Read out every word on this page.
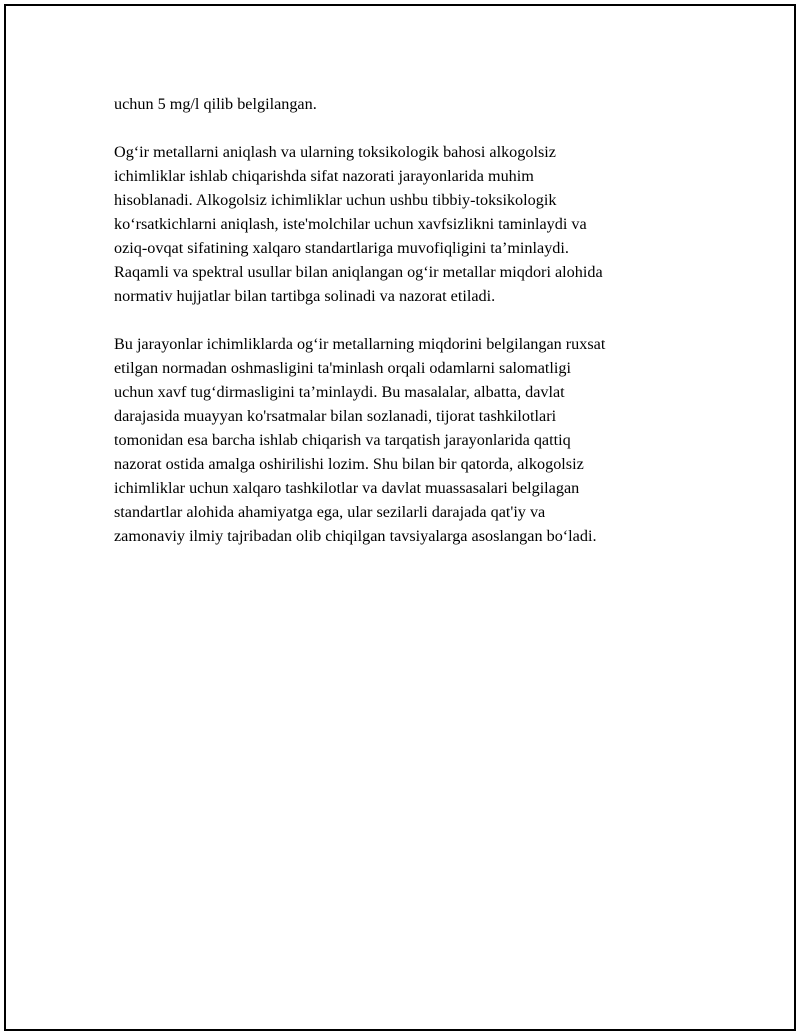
uchun 5 mg/l qilib belgilangan.

Og‘ir metallarni aniqlash va ularning toksikologik bahosi alkogolsiz
ichimliklar ishlab chiqarishda sifat nazorati jarayonlarida muhim
hisoblanadi. Alkogolsiz ichimliklar uchun ushbu tibbiy-toksikologik
ko‘rsatkichlarni aniqlash, iste'molchilar uchun xavfsizlikni taminlaydi va
oziq-ovqat sifatining xalqaro standartlariga muvofiqligini ta’minlaydi.
Raqamli va spektral usullar bilan aniqlangan og‘ir metallar miqdori alohida
normativ hujjatlar bilan tartibga solinadi va nazorat etiladi.

Bu jarayonlar ichimliklarda og‘ir metallarning miqdorini belgilangan ruxsat
etilgan normadan oshmasligini ta'minlash orqali odamlarni salomatligi
uchun xavf tug‘dirmasligini ta’minlaydi. Bu masalalar, albatta, davlat
darajasida muayyan ko'rsatmalar bilan sozlanadi, tijorat tashkilotlari
tomonidan esa barcha ishlab chiqarish va tarqatish jarayonlarida qattiq
nazorat ostida amalga oshirilishi lozim. Shu bilan bir qatorda, alkogolsiz
ichimliklar uchun xalqaro tashkilotlar va davlat muassasalari belgilagan
standartlar alohida ahamiyatga ega, ular sezilarli darajada qat'iy va
zamonaviy ilmiy tajribadan olib chiqilgan tavsiyalarga asoslangan bo‘ladi.
